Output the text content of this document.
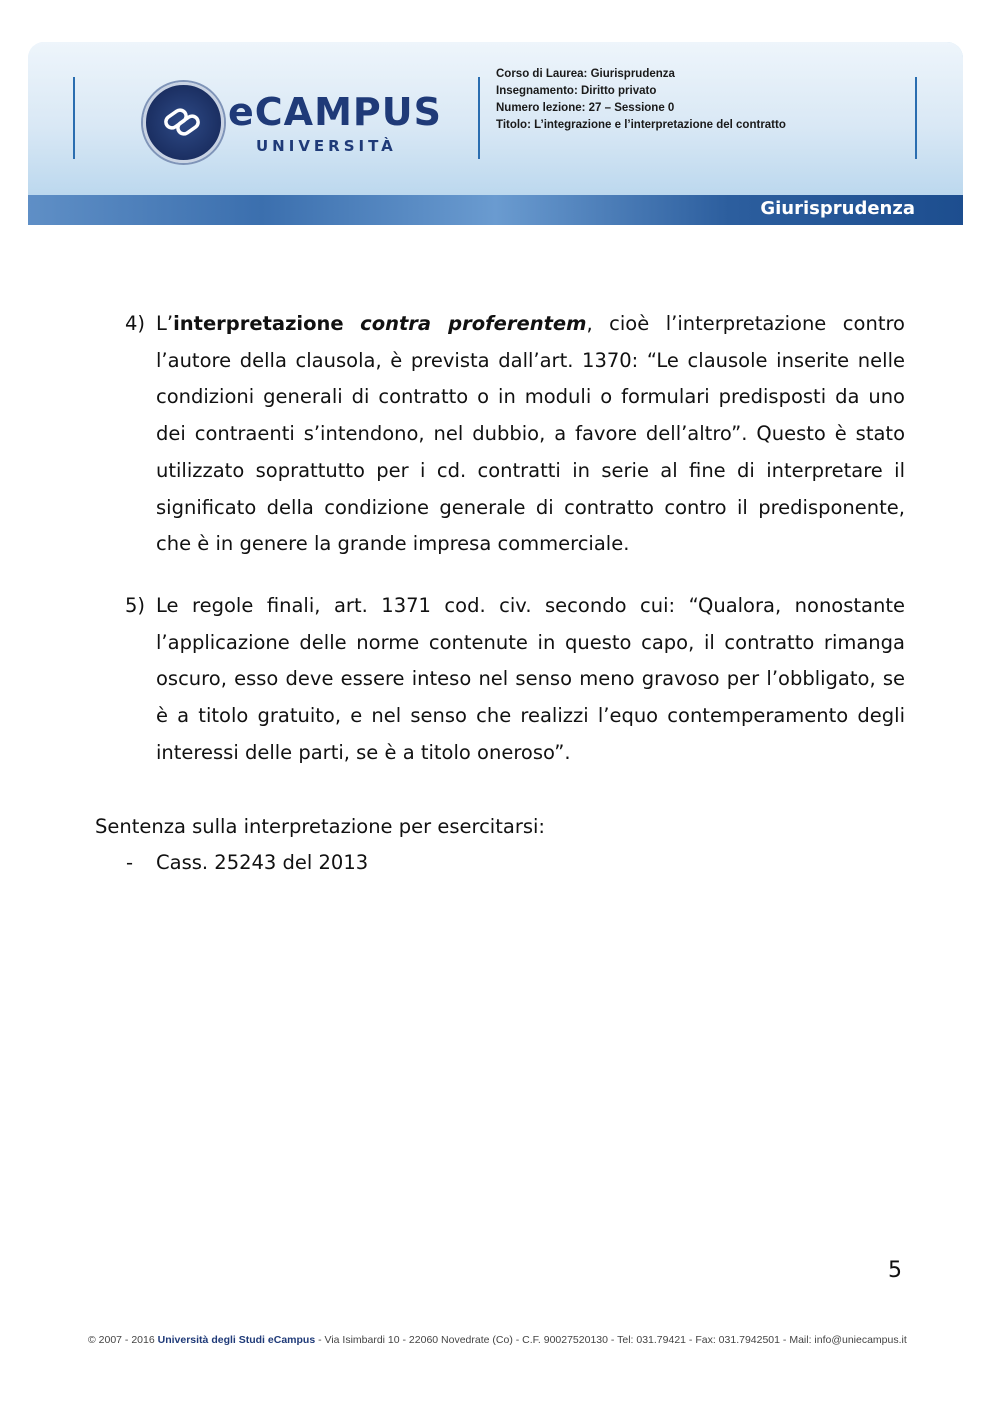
eCAMPUS
UNIVERSITÀ
Corso di Laurea: Giurisprudenza
Insegnamento: Diritto privato
Numero lezione: 27 – Sessione 0
Titolo: L’integrazione e l’interpretazione del contratto
Giurisprudenza
4) L’interpretazione contra proferentem, cioè l’interpretazione contro l’autore della clausola, è prevista dall’art. 1370: “Le clausole inserite nelle condizioni generali di contratto o in moduli o formulari predisposti da uno dei contraenti s’intendono, nel dubbio, a favore dell’altro”. Questo è stato utilizzato soprattutto per i cd. contratti in serie al fine di interpretare il significato della condizione generale di contratto contro il predisponente, che è in genere la grande impresa commerciale.
5) Le regole finali, art. 1371 cod. civ. secondo cui: “Qualora, nonostante l’applicazione delle norme contenute in questo capo, il contratto rimanga oscuro, esso deve essere inteso nel senso meno gravoso per l’obbligato, se è a titolo gratuito, e nel senso che realizzi l’equo contemperamento degli interessi delle parti, se è a titolo oneroso”.
Sentenza sulla interpretazione per esercitarsi:
- Cass. 25243 del 2013
5
© 2007 - 2016 Università degli Studi eCampus - Via Isimbardi 10 - 22060 Novedrate (Co) - C.F. 90027520130 - Tel: 031.79421 - Fax: 031.7942501 - Mail: info@uniecampus.it
